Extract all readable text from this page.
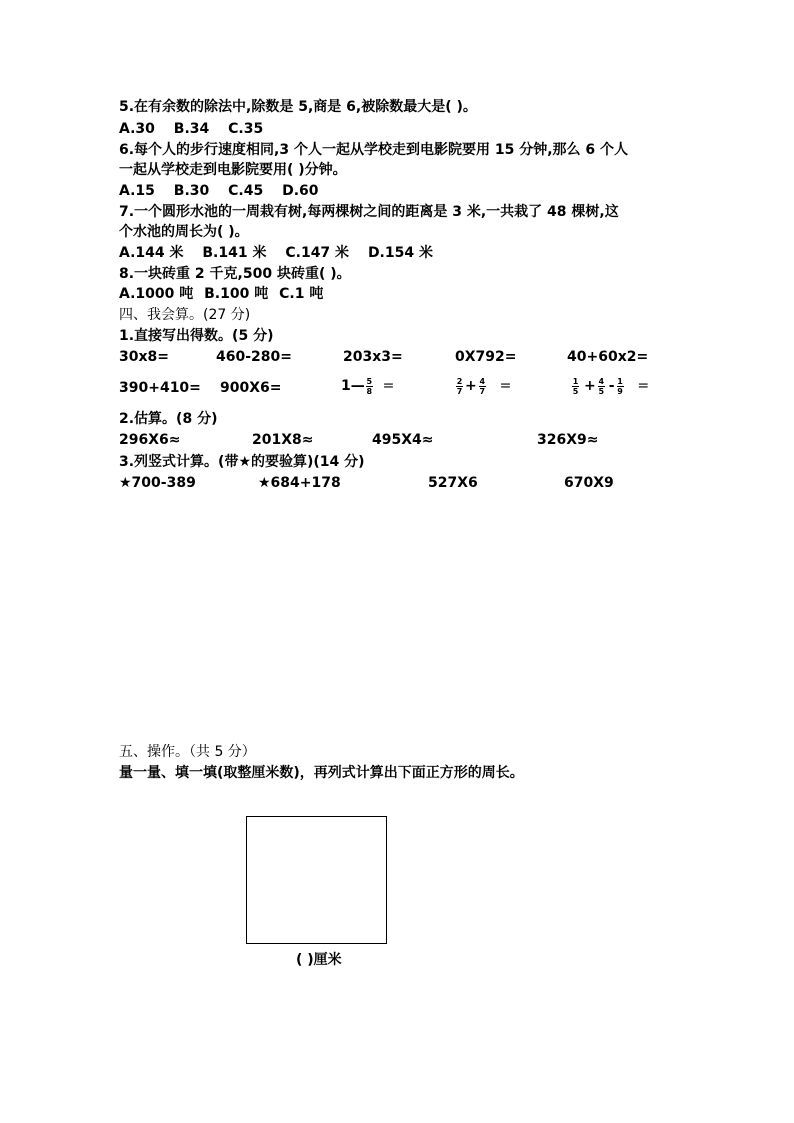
5.在有余数的除法中,除数是 5,商是 6,被除数最大是( )。
A.30 B.34 C.35
6.每个人的步行速度相同,3 个人一起从学校走到电影院要用 15 分钟,那么 6 个人
一起从学校走到电影院要用( )分钟。
A.15 B.30 C.45 D.60
7.一个圆形水池的一周栽有树,每两棵树之间的距离是 3 米,一共栽了 48 棵树,这
个水池的周长为( )。
A.144 米 B.141 米 C.147 米 D.154 米
8.一块砖重 2 千克,500 块砖重( )。
A.1000 吨 B.100 吨 C.1 吨
四、我会算。(27 分)
1.直接写出得数。(5 分)
30x8=	460-280=	203x3=	0X792=	40+60x2=
390+410= 900X6=	1— $\frac{5}{8}$ =	$\frac{2}{7} + \frac{4}{7}$ =	$\frac{1}{5} + \frac{4}{5} - \frac{1}{9}$ =
2.估算。(8 分)
296X6≈	201X8≈	495X4≈	326X9≈
3.列竖式计算。(带★的要验算)(14 分)
★700-389	★684+178	527X6	670X9
五、操作。（共 5 分）
量一量、填一填(取整厘米数)，再列式计算出下面正方形的周长。
( )厘米
